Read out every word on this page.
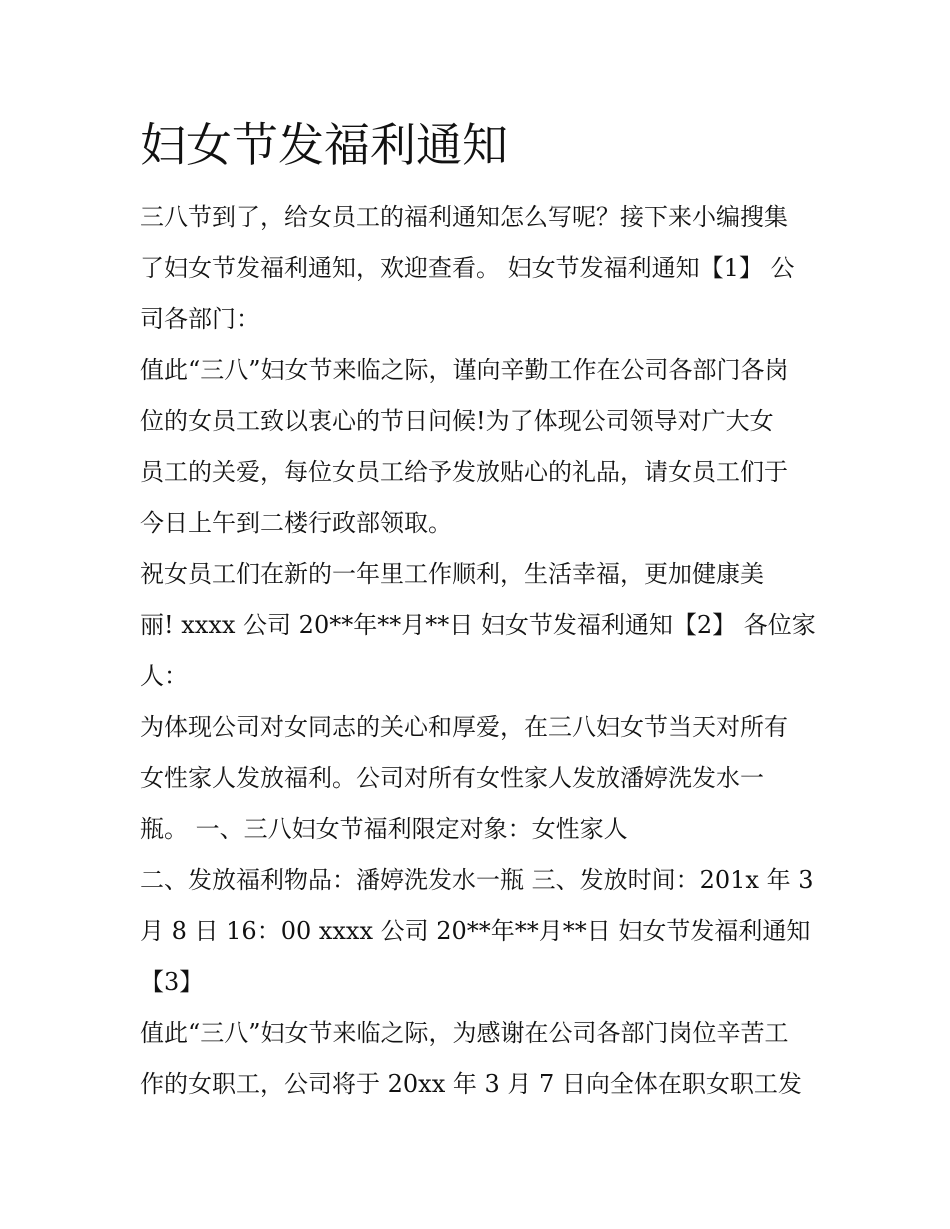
妇女节发福利通知

三八节到了，给女员工的福利通知怎么写呢？接下来小编搜集

了妇女节发福利通知，欢迎查看。 妇女节发福利通知【1】 公

司各部门：

值此“三八”妇女节来临之际，谨向辛勤工作在公司各部门各岗

位的女员工致以衷心的节日问候!为了体现公司领导对广大女

员工的关爱，每位女员工给予发放贴心的礼品，请女员工们于

今日上午到二楼行政部领取。

祝女员工们在新的一年里工作顺利，生活幸福，更加健康美

丽! xxxx 公司 20**年**月**日 妇女节发福利通知【2】 各位家

人：

为体现公司对女同志的关心和厚爱，在三八妇女节当天对所有

女性家人发放福利。公司对所有女性家人发放潘婷洗发水一

瓶。 一、三八妇女节福利限定对象：女性家人

二、发放福利物品：潘婷洗发水一瓶 三、发放时间：201x 年 3

月 8 日 16：00 xxxx 公司 20**年**月**日 妇女节发福利通知

【3】

值此“三八”妇女节来临之际，为感谢在公司各部门岗位辛苦工

作的女职工，公司将于 20xx 年 3 月 7 日向全体在职女职工发
